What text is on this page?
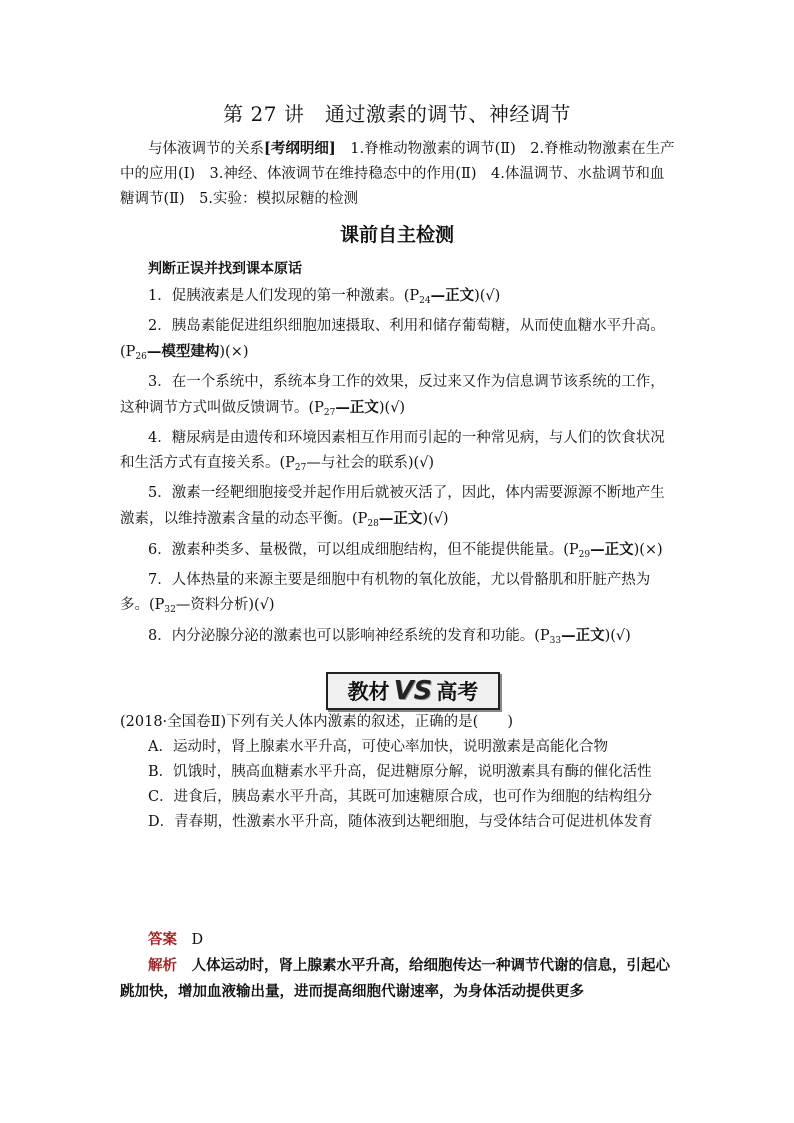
第 27 讲　通过激素的调节、神经调节
与体液调节的关系[考纲明细]　1.脊椎动物激素的调节(Ⅱ)　2.脊椎动物激素在生产中的应用(Ⅰ)　3.神经、体液调节在维持稳态中的作用(Ⅱ)　4.体温调节、水盐调节和血糖调节(Ⅱ)　5.实验：模拟尿糖的检测
课前自主检测
判断正误并找到课本原话

1．促胰液素是人们发现的第一种激素。($P_{24}—$正文)(√)

2．胰岛素能促进组织细胞加速摄取、利用和储存葡萄糖，从而使血糖水平升高。($P_{26}—$模型建构)(×)

3．在一个系统中，系统本身工作的效果，反过来又作为信息调节该系统的工作，这种调节方式叫做反馈调节。($P_{27}—$正文)(√)

4．糖尿病是由遗传和环境因素相互作用而引起的一种常见病，与人们的饮食状况和生活方式有直接关系。($P_{27}—$与社会的联系)(√)

5．激素一经靶细胞接受并起作用后就被灭活了，因此，体内需要源源不断地产生激素，以维持激素含量的动态平衡。($P_{28}—$正文)(√)

6．激素种类多、量极微，可以组成细胞结构，但不能提供能量。($P_{29}—$正文)(×)

7．人体热量的来源主要是细胞中有机物的氧化放能，尤以骨骼肌和肝脏产热为多。($P_{32}—$资料分析)(√)

8．内分泌腺分泌的激素也可以影响神经系统的发育和功能。($P_{33}—$正文)(√)

教材 VS 高考

(2018·全国卷Ⅱ)下列有关人体内激素的叙述，正确的是(　　)

A．运动时，肾上腺素水平升高，可使心率加快，说明激素是高能化合物

B．饥饿时，胰高血糖素水平升高，促进糖原分解，说明激素具有酶的催化活性

C．进食后，胰岛素水平升高，其既可加速糖原合成，也可作为细胞的结构组分

D．青春期，性激素水平升高，随体液到达靶细胞，与受体结合可促进机体发育

答案　 D

解析　 人体运动时，肾上腺素水平升高，给细胞传达一种调节代谢的信息，引起心跳加快，增加血液输出量，进而提高细胞代谢速率，为身体活动提供更多
